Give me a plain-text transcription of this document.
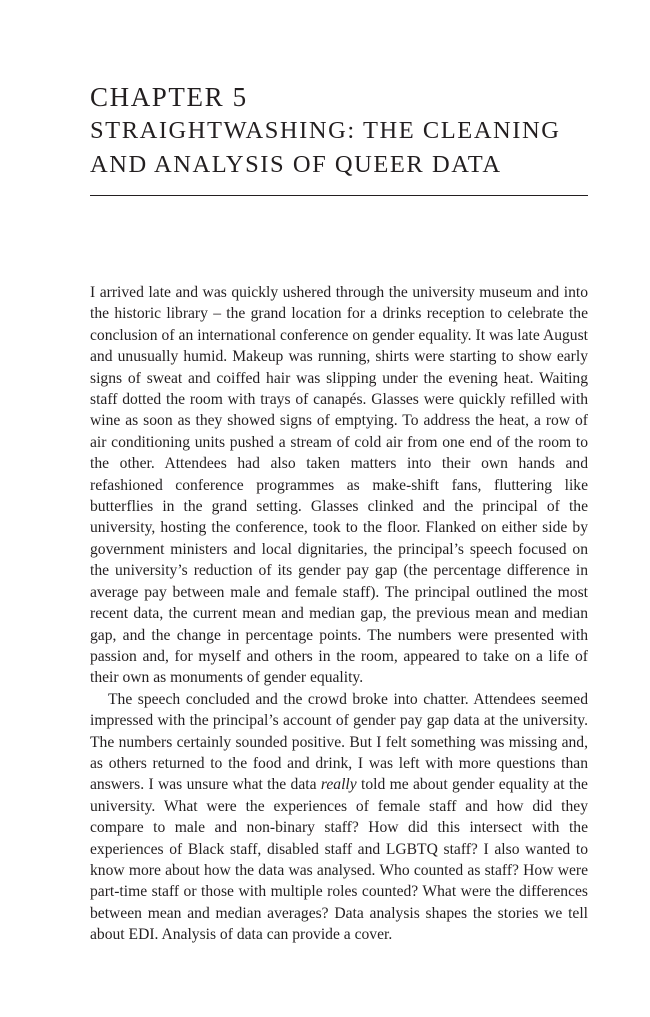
CHAPTER 5
STRAIGHTWASHING: THE CLEANING
AND ANALYSIS OF QUEER DATA

I arrived late and was quickly ushered through the university museum and into the historic library – the grand location for a drinks reception to celebrate the conclusion of an international conference on gender equality. It was late August and unusually humid. Makeup was running, shirts were starting to show early signs of sweat and coiffed hair was slipping under the evening heat. Waiting staff dotted the room with trays of canapés. Glasses were quickly refilled with wine as soon as they showed signs of emptying. To address the heat, a row of air conditioning units pushed a stream of cold air from one end of the room to the other. Attendees had also taken matters into their own hands and refashioned conference programmes as make-shift fans, fluttering like butterflies in the grand setting. Glasses clinked and the principal of the university, hosting the conference, took to the floor. Flanked on either side by government ministers and local dignitaries, the principal’s speech focused on the university’s reduction of its gender pay gap (the percentage difference in average pay between male and female staff). The principal outlined the most recent data, the current mean and median gap, the previous mean and median gap, and the change in percentage points. The numbers were presented with passion and, for myself and others in the room, appeared to take on a life of their own as monuments of gender equality.

The speech concluded and the crowd broke into chatter. Attendees seemed impressed with the principal’s account of gender pay gap data at the university. The numbers certainly sounded positive. But I felt something was missing and, as others returned to the food and drink, I was left with more questions than answers. I was unsure what the data really told me about gender equality at the university. What were the experiences of female staff and how did they compare to male and non-binary staff? How did this intersect with the experiences of Black staff, disabled staff and LGBTQ staff? I also wanted to know more about how the data was analysed. Who counted as staff? How were part-time staff or those with multiple roles counted? What were the differences between mean and median averages? Data analysis shapes the stories we tell about EDI. Analysis of data can provide a cover.
